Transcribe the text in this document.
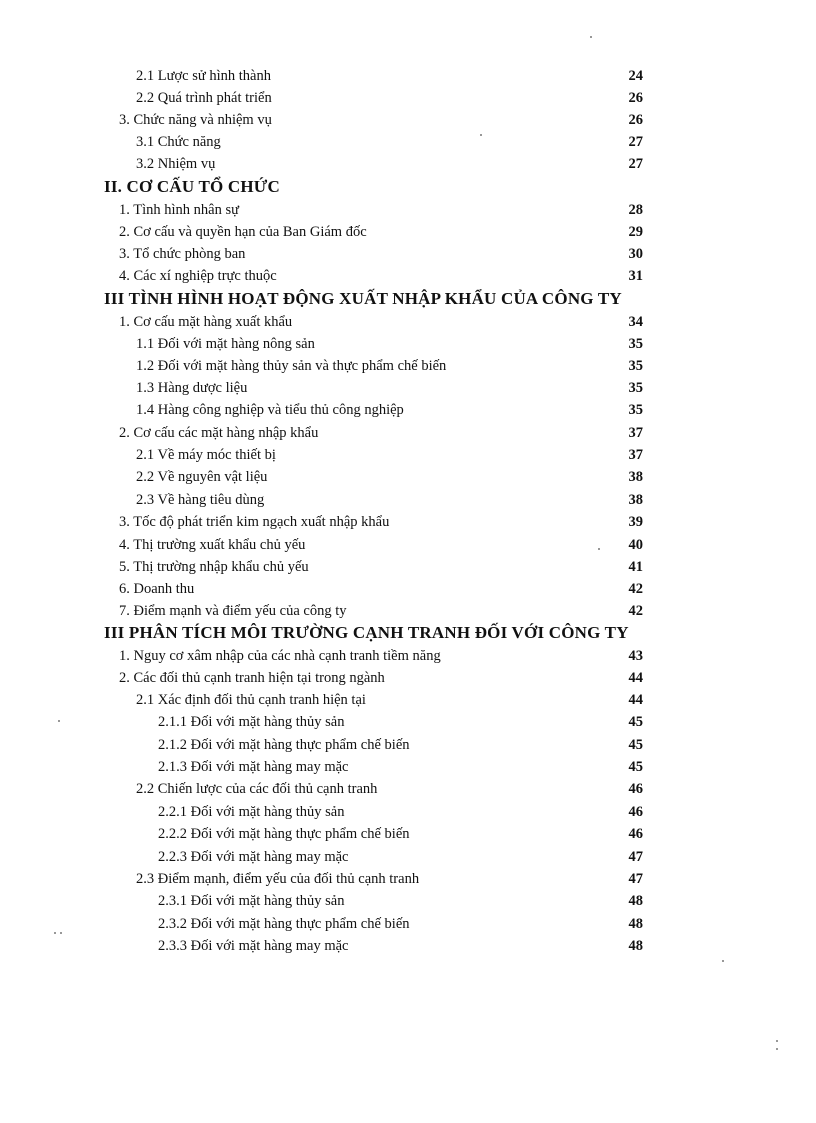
2.1 Lược sử hình thành	24
2.2 Quá trình phát triển	26
3. Chức năng và nhiệm vụ	26
3.1 Chức năng	27
3.2 Nhiệm vụ	27
II. CƠ CẤU TỔ CHỨC
1. Tình hình nhân sự	28
2. Cơ cấu và quyền hạn của Ban Giám đốc	29
3. Tổ chức phòng ban	30
4. Các xí nghiệp trực thuộc	31
III TÌNH HÌNH HOẠT ĐỘNG XUẤT NHẬP KHẨU CỦA CÔNG TY
1. Cơ cấu mặt hàng xuất khẩu	34
1.1 Đối với mặt hàng nông sản	35
1.2 Đối với mặt hàng thủy sản và thực phẩm chế biến	35
1.3 Hàng dược liệu	35
1.4 Hàng công nghiệp và tiểu thủ công nghiệp	35
2. Cơ cấu các mặt hàng nhập khẩu	37
2.1 Về máy móc thiết bị	37
2.2 Về nguyên vật liệu	38
2.3 Về hàng tiêu dùng	38
3. Tốc độ phát triển kim ngạch xuất nhập khẩu	39
4. Thị trường xuất khẩu chủ yếu	40
5. Thị trường nhập khẩu chủ yếu	41
6. Doanh thu	42
7. Điểm mạnh và điểm yếu của công ty	42
III PHÂN TÍCH MÔI TRƯỜNG CẠNH TRANH ĐỐI VỚI CÔNG TY
1. Nguy cơ xâm nhập của các nhà cạnh tranh tiềm năng	43
2. Các đối thủ cạnh tranh hiện tại trong ngành	44
2.1 Xác định đối thủ cạnh tranh hiện tại	44
2.1.1 Đối với mặt hàng thủy sản	45
2.1.2 Đối với mặt hàng thực phẩm chế biến	45
2.1.3 Đối với mặt hàng may mặc	45
2.2 Chiến lược của các đối thủ cạnh tranh	46
2.2.1 Đối với mặt hàng thủy sản	46
2.2.2 Đối với mặt hàng thực phẩm chế biến	46
2.2.3 Đối với mặt hàng may mặc	47
2.3 Điểm mạnh, điểm yếu của đối thủ cạnh tranh	47
2.3.1 Đối với mặt hàng thủy sản	48
2.3.2 Đối với mặt hàng thực phẩm chế biến	48
2.3.3 Đối với mặt hàng may mặc	48
